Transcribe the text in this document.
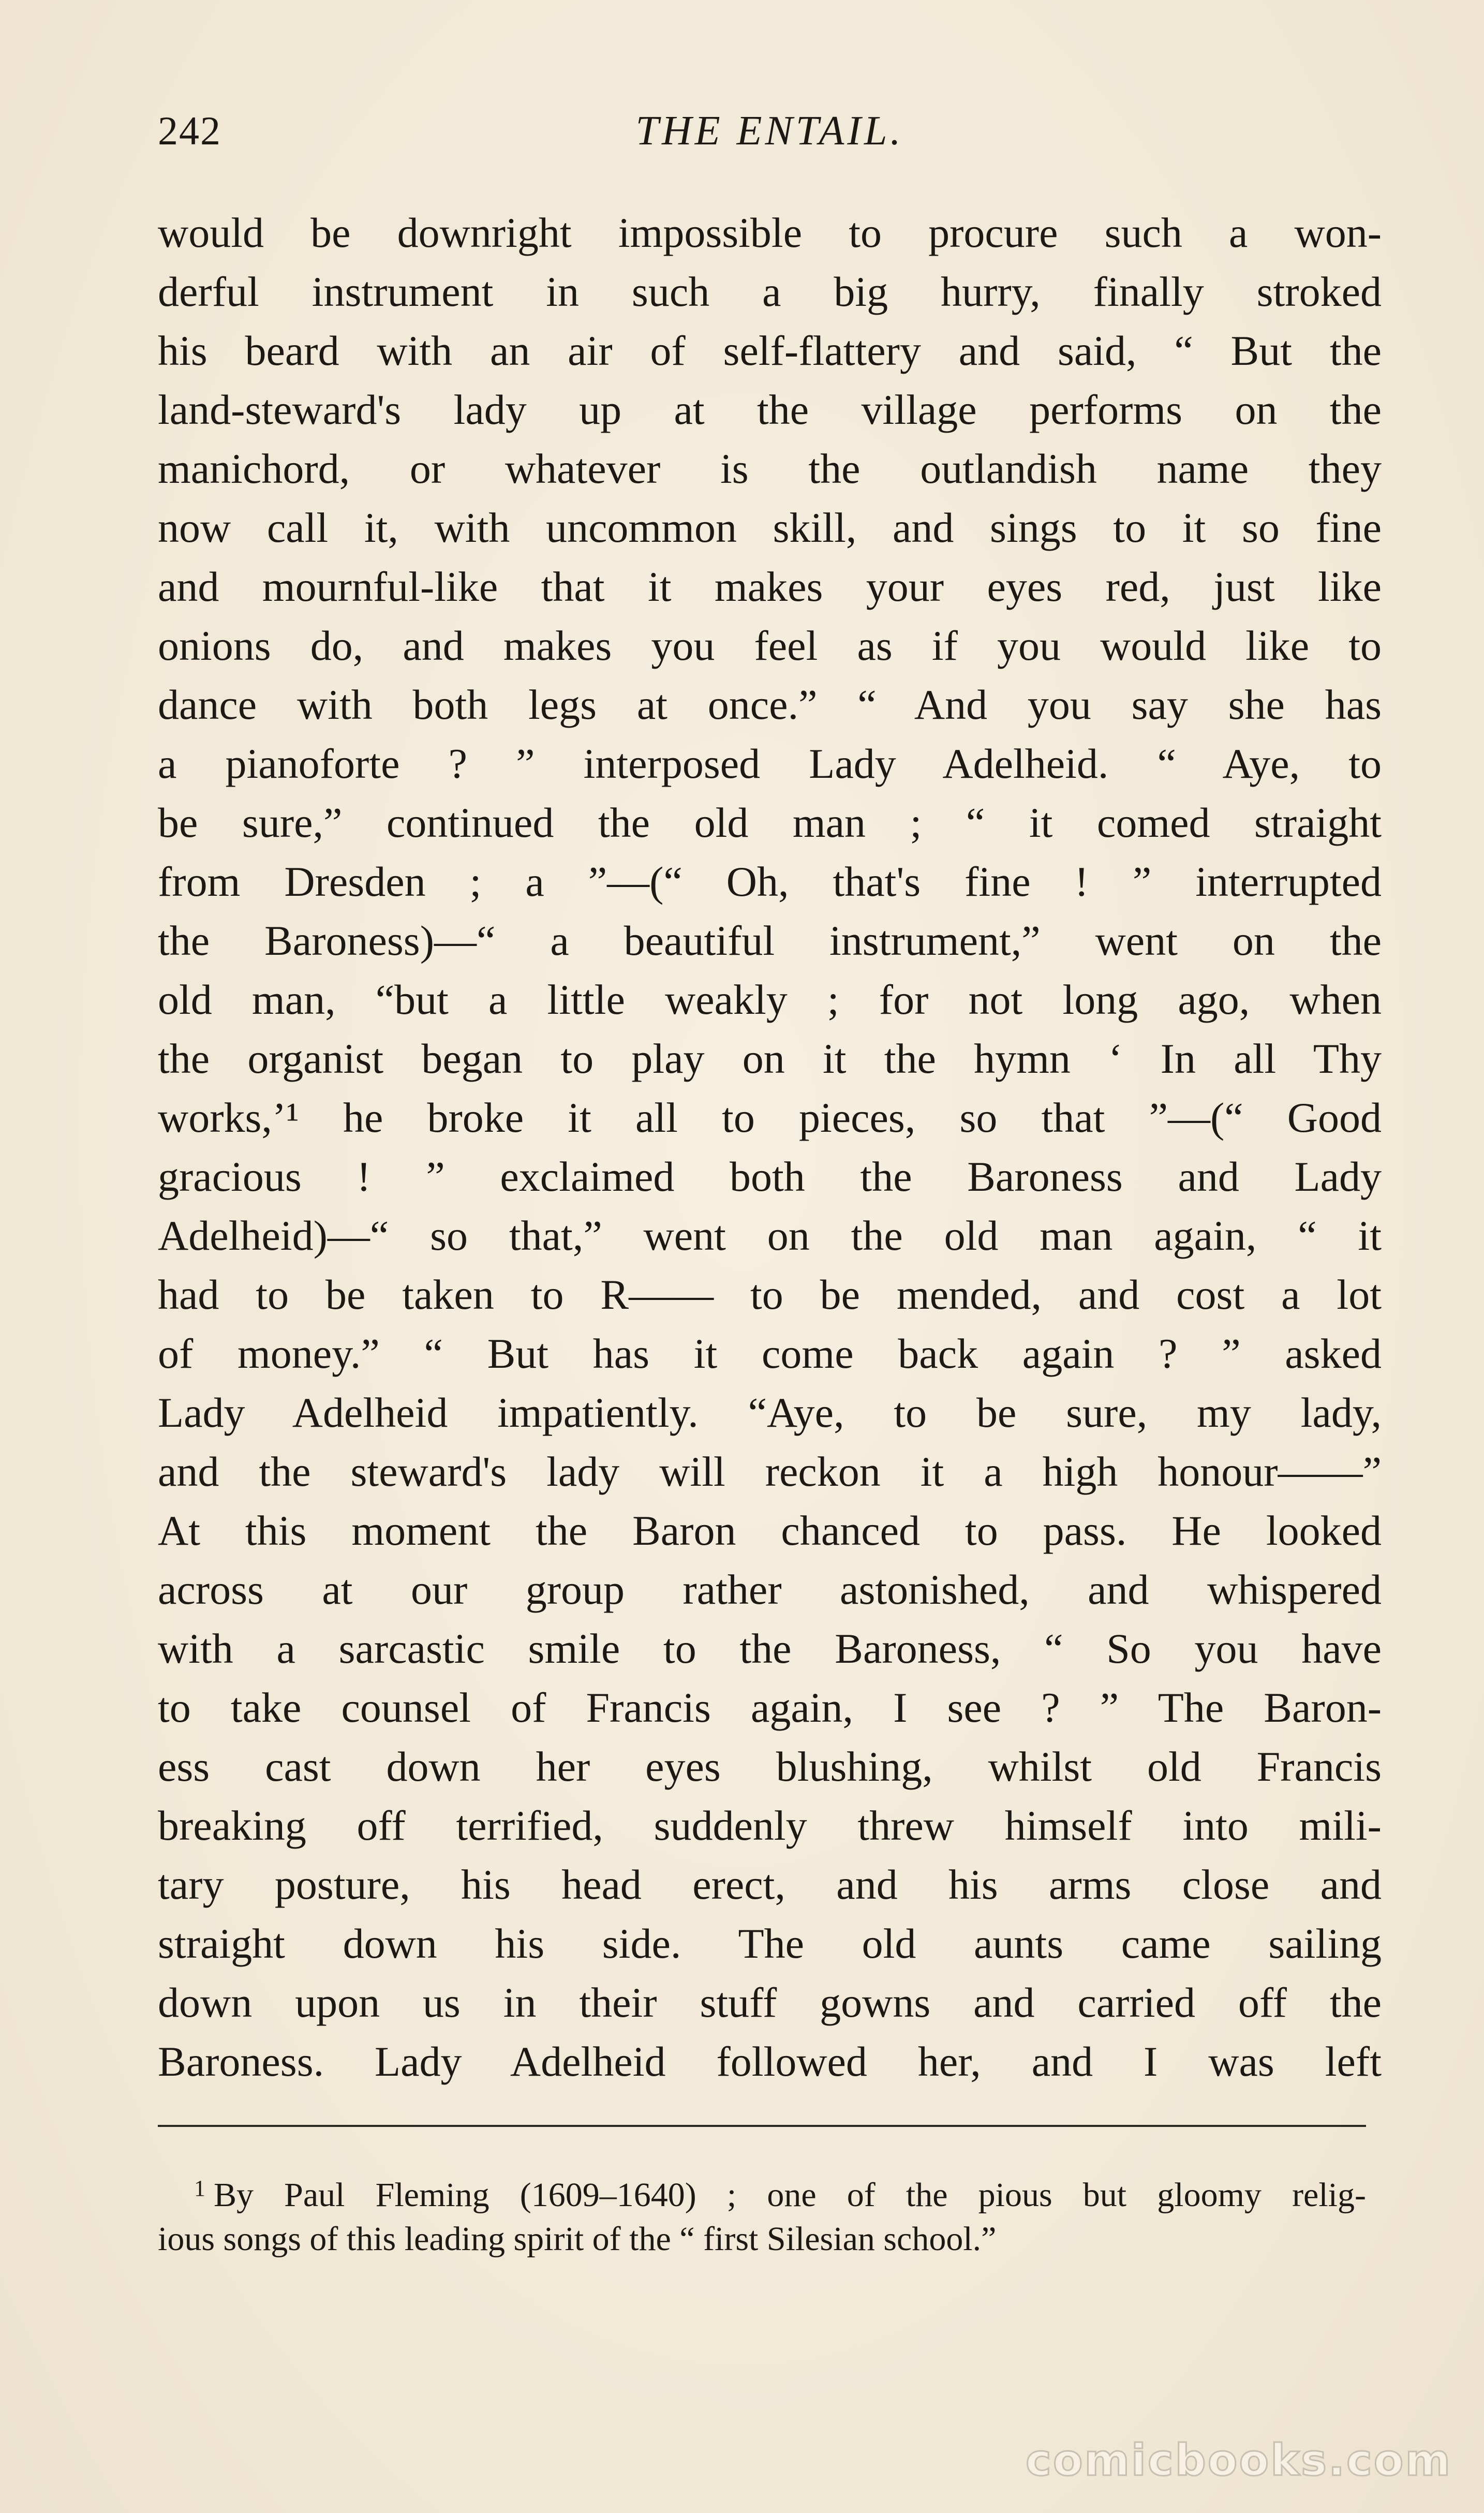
242	THE ENTAIL.
would be downright impossible to procure such a won-
derful instrument in such a big hurry, finally stroked
his beard with an air of self-flattery and said, “ But the
land-steward's lady up at the village performs on the
manichord, or whatever is the outlandish name they
now call it, with uncommon skill, and sings to it so fine
and mournful-like that it makes your eyes red, just like
onions do, and makes you feel as if you would like to
dance with both legs at once.” “ And you say she has
a pianoforte ? ” interposed Lady Adelheid. “ Aye, to
be sure,” continued the old man ; “ it comed straight
from Dresden ; a ”—(“ Oh, that's fine ! ” interrupted
the Baroness)—“ a beautiful instrument,” went on the
old man, “but a little weakly ; for not long ago, when
the organist began to play on it the hymn ‘ In all Thy
works,’¹ he broke it all to pieces, so that ”—(“ Good
gracious ! ” exclaimed both the Baroness and Lady
Adelheid)—“ so that,” went on the old man again, “ it
had to be taken to R—— to be mended, and cost a lot
of money.” “ But has it come back again ? ” asked
Lady Adelheid impatiently. “Aye, to be sure, my lady,
and the steward's lady will reckon it a high honour——”
At this moment the Baron chanced to pass. He looked
across at our group rather astonished, and whispered
with a sarcastic smile to the Baroness, “ So you have
to take counsel of Francis again, I see ? ” The Baron-
ess cast down her eyes blushing, whilst old Francis
breaking off terrified, suddenly threw himself into mili-
tary posture, his head erect, and his arms close and
straight down his side. The old aunts came sailing
down upon us in their stuff gowns and carried off the
Baroness. Lady Adelheid followed her, and I was left
$^1$ By Paul Fleming (1609–1640) ; one of the pious but gloomy relig-
ious songs of this leading spirit of the “ first Silesian school.”
comicbooks.com
